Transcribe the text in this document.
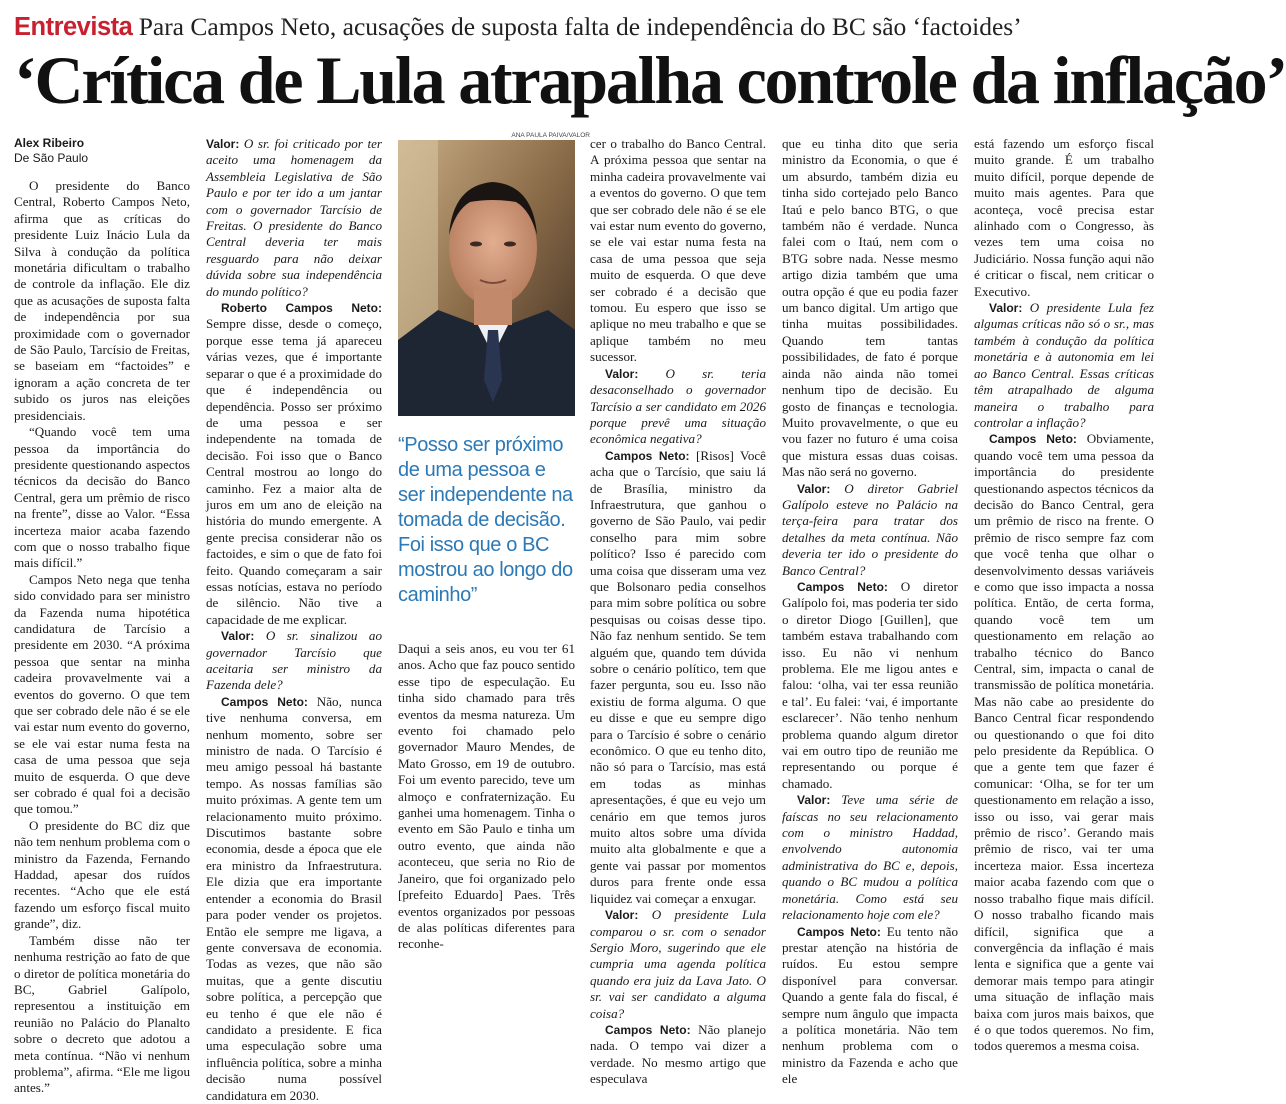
Entrevista Para Campos Neto, acusações de suposta falta de independência do BC são ‘factoides’
‘Crítica de Lula atrapalha controle da inflação’
Alex Ribeiro
De São Paulo

O presidente do Banco Central, Roberto Campos Neto, afirma que as críticas do presidente Luiz Inácio Lula da Silva à condução da política monetária dificultam o trabalho de controle da inflação. Ele diz que as acusações de suposta falta de independência por sua proximidade com o governador de São Paulo, Tarcísio de Freitas, se baseiam em “factoides” e ignoram a ação concreta de ter subido os juros nas eleições presidenciais.

“Quando você tem uma pessoa da importância do presidente questionando aspectos técnicos da decisão do Banco Central, gera um prêmio de risco na frente”, disse ao Valor. “Essa incerteza maior acaba fazendo com que o nosso trabalho fique mais difícil.”

Campos Neto nega que tenha sido convidado para ser ministro da Fazenda numa hipotética candidatura de Tarcísio a presidente em 2030. “A próxima pessoa que sentar na minha cadeira provavelmente vai a eventos do governo. O que tem que ser cobrado dele não é se ele vai estar num evento do governo, se ele vai estar numa festa na casa de uma pessoa que seja muito de esquerda. O que deve ser cobrado é qual foi a decisão que tomou.”

O presidente do BC diz que não tem nenhum problema com o ministro da Fazenda, Fernando Haddad, apesar dos ruídos recentes. “Acho que ele está fazendo um esforço fiscal muito grande”, diz.

Também disse não ter nenhuma restrição ao fato de que o diretor de política monetária do BC, Gabriel Galípolo, representou a instituição em reunião no Palácio do Planalto sobre o decreto que adotou a meta contínua. “Não vi nenhum problema”, afirma. “Ele me ligou antes.”

Valor: O sr. foi criticado por ter aceito uma homenagem da Assembleia Legislativa de São Paulo e por ter ido a um jantar com o governador Tarcísio de Freitas. O presidente do Banco Central deveria ter mais resguardo para não deixar dúvida sobre sua independência do mundo político?

Roberto Campos Neto: Sempre disse, desde o começo, porque esse tema já apareceu várias vezes, que é importante separar o que é a proximidade do que é independência ou dependência. Posso ser próximo de uma pessoa e ser independente na tomada de decisão. Foi isso que o Banco Central mostrou ao longo do caminho. Fez a maior alta de juros em um ano de eleição na história do mundo emergente. A gente precisa considerar não os factoides, e sim o que de fato foi feito. Quando começaram a sair essas notícias, estava no período de silêncio. Não tive a capacidade de me explicar.

Valor: O sr. sinalizou ao governador Tarcísio que aceitaria ser ministro da Fazenda dele?

Campos Neto: Não, nunca tive nenhuma conversa, em nenhum momento, sobre ser ministro de nada. O Tarcísio é meu amigo pessoal há bastante tempo. As nossas famílias são muito próximas. A gente tem um relacionamento muito próximo. Discutimos bastante sobre economia, desde a época que ele era ministro da Infraestrutura. Ele dizia que era importante entender a economia do Brasil para poder vender os projetos. Então ele sempre me ligava, a gente conversava de economia. Todas as vezes, que não são muitas, que a gente discutiu sobre política, a percepção que eu tenho é que ele não é candidato a presidente. E fica uma especulação sobre uma influência política, sobre a minha decisão numa possível candidatura em 2030.

ANA PAULA PAIVA/VALOR
“Posso ser próximo de uma pessoa e ser independente na tomada de decisão. Foi isso que o BC mostrou ao longo do caminho”

Daqui a seis anos, eu vou ter 61 anos. Acho que faz pouco sentido esse tipo de especulação. Eu tinha sido chamado para três eventos da mesma natureza. Um evento foi chamado pelo governador Mauro Mendes, de Mato Grosso, em 19 de outubro. Foi um evento parecido, teve um almoço e confraternização. Eu ganhei uma homenagem. Tinha o evento em São Paulo e tinha um outro evento, que ainda não aconteceu, que seria no Rio de Janeiro, que foi organizado pelo [prefeito Eduardo] Paes. Três eventos organizados por pessoas de alas políticas diferentes para reconhe-

cer o trabalho do Banco Central. A próxima pessoa que sentar na minha cadeira provavelmente vai a eventos do governo. O que tem que ser cobrado dele não é se ele vai estar num evento do governo, se ele vai estar numa festa na casa de uma pessoa que seja muito de esquerda. O que deve ser cobrado é a decisão que tomou. Eu espero que isso se aplique no meu trabalho e que se aplique também no meu sucessor.

Valor: O sr. teria desaconselhado o governador Tarcísio a ser candidato em 2026 porque prevê uma situação econômica negativa?

Campos Neto: [Risos] Você acha que o Tarcísio, que saiu lá de Brasília, ministro da Infraestrutura, que ganhou o governo de São Paulo, vai pedir conselho para mim sobre político? Isso é parecido com uma coisa que disseram uma vez que Bolsonaro pedia conselhos para mim sobre política ou sobre pesquisas ou coisas desse tipo. Não faz nenhum sentido. Se tem alguém que, quando tem dúvida sobre o cenário político, tem que fazer pergunta, sou eu. Isso não existiu de forma alguma. O que eu disse e que eu sempre digo para o Tarcísio é sobre o cenário econômico. O que eu tenho dito, não só para o Tarcísio, mas está em todas as minhas apresentações, é que eu vejo um cenário em que temos juros muito altos sobre uma dívida muito alta globalmente e que a gente vai passar por momentos duros para frente onde essa liquidez vai começar a enxugar.

Valor: O presidente Lula comparou o sr. com o senador Sergio Moro, sugerindo que ele cumpria uma agenda política quando era juiz da Lava Jato. O sr. vai ser candidato a alguma coisa?

Campos Neto: Não planejo nada. O tempo vai dizer a verdade. No mesmo artigo que especulava

que eu tinha dito que seria ministro da Economia, o que é um absurdo, também dizia eu tinha sido cortejado pelo Banco Itaú e pelo banco BTG, o que também não é verdade. Nunca falei com o Itaú, nem com o BTG sobre nada. Nesse mesmo artigo dizia também que uma outra opção é que eu podia fazer um banco digital. Um artigo que tinha muitas possibilidades. Quando tem tantas possibilidades, de fato é porque ainda não ainda não tomei nenhum tipo de decisão. Eu gosto de finanças e tecnologia. Muito provavelmente, o que eu vou fazer no futuro é uma coisa que mistura essas duas coisas. Mas não será no governo.

Valor: O diretor Gabriel Galípolo esteve no Palácio na terça-feira para tratar dos detalhes da meta contínua. Não deveria ter ido o presidente do Banco Central?

Campos Neto: O diretor Galípolo foi, mas poderia ter sido o diretor Diogo [Guillen], que também estava trabalhando com isso. Eu não vi nenhum problema. Ele me ligou antes e falou: ‘olha, vai ter essa reunião e tal’. Eu falei: ‘vai, é importante esclarecer’. Não tenho nenhum problema quando algum diretor vai em outro tipo de reunião me representando ou porque é chamado.

Valor: Teve uma série de faíscas no seu relacionamento com o ministro Haddad, envolvendo autonomia administrativa do BC e, depois, quando o BC mudou a política monetária. Como está seu relacionamento hoje com ele?

Campos Neto: Eu tento não prestar atenção na história de ruídos. Eu estou sempre disponível para conversar. Quando a gente fala do fiscal, é sempre num ângulo que impacta a política monetária. Não tem nenhum problema com o ministro da Fazenda e acho que ele

está fazendo um esforço fiscal muito grande. É um trabalho muito difícil, porque depende de muito mais agentes. Para que aconteça, você precisa estar alinhado com o Congresso, às vezes tem uma coisa no Judiciário. Nossa função aqui não é criticar o fiscal, nem criticar o Executivo.

Valor: O presidente Lula fez algumas críticas não só o sr., mas também à condução da política monetária e à autonomia em lei ao Banco Central. Essas críticas têm atrapalhado de alguma maneira o trabalho para controlar a inflação?

Campos Neto: Obviamente, quando você tem uma pessoa da importância do presidente questionando aspectos técnicos da decisão do Banco Central, gera um prêmio de risco na frente. O prêmio de risco sempre faz com que você tenha que olhar o desenvolvimento dessas variáveis e como que isso impacta a nossa política. Então, de certa forma, quando você tem um questionamento em relação ao trabalho técnico do Banco Central, sim, impacta o canal de transmissão de política monetária. Mas não cabe ao presidente do Banco Central ficar respondendo ou questionando o que foi dito pelo presidente da República. O que a gente tem que fazer é comunicar: ‘Olha, se for ter um questionamento em relação a isso, isso ou isso, vai gerar mais prêmio de risco’. Gerando mais prêmio de risco, vai ter uma incerteza maior. Essa incerteza maior acaba fazendo com que o nosso trabalho fique mais difícil. O nosso trabalho ficando mais difícil, significa que a convergência da inflação é mais lenta e significa que a gente vai demorar mais tempo para atingir uma situação de inflação mais baixa com juros mais baixos, que é o que todos queremos. No fim, todos queremos a mesma coisa.
